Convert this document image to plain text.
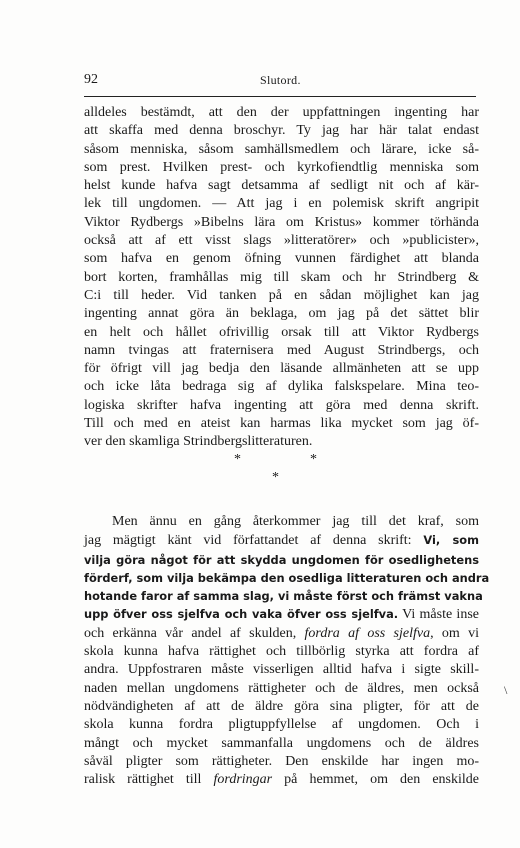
92	Slutord.
alldeles bestämdt, att den der uppfattningen ingenting har
att skaffa med denna broschyr. Ty jag har här talat endast
såsom menniska, såsom samhällsmedlem och lärare, icke så-
som prest. Hvilken prest- och kyrkofiendtlig menniska som
helst kunde hafva sagt detsamma af sedligt nit och af kär-
lek till ungdomen. — Att jag i en polemisk skrift angripit
Viktor Rydbergs »Bibelns lära om Kristus» kommer törhända
också att af ett visst slags »litteratörer» och »publicister»,
som hafva en genom öfning vunnen färdighet att blanda
bort korten, framhållas mig till skam och hr Strindberg &
C:i till heder. Vid tanken på en sådan möjlighet kan jag
ingenting annat göra än beklaga, om jag på det sättet blir
en helt och hållet ofrivillig orsak till att Viktor Rydbergs
namn tvingas att fraternisera med August Strindbergs, och
för öfrigt vill jag bedja den läsande allmänheten att se upp
och icke låta bedraga sig af dylika falskspelare. Mina teo-
logiska skrifter hafva ingenting att göra med denna skrift.
Till och med en ateist kan harmas lika mycket som jag öf-
ver den skamliga Strindbergslitteraturen.
*	*
*
Men ännu en gång återkommer jag till det kraf, som
jag mägtigt känt vid författandet af denna skrift: Vi, som
vilja göra något för att skydda ungdomen för osedlighetens
förderf, som vilja bekämpa den osedliga litteraturen och andra
hotande faror af samma slag, vi måste först och främst vakna
upp öfver oss sjelfva och vaka öfver oss sjelfva. Vi måste inse
och erkänna vår andel af skulden, fordra af oss sjelfva, om vi
skola kunna hafva rättighet och tillbörlig styrka att fordra af
andra. Uppfostraren måste visserligen alltid hafva i sigte skill-
naden mellan ungdomens rättigheter och de äldres, men också
nödvändigheten af att de äldre göra sina pligter, för att de
skola kunna fordra pligtuppfyllelse af ungdomen. Och i
mångt och mycket sammanfalla ungdomens och de äldres
såväl pligter som rättigheter. Den enskilde har ingen mo-
ralisk rättighet till fordringar på hemmet, om den enskilde
\
